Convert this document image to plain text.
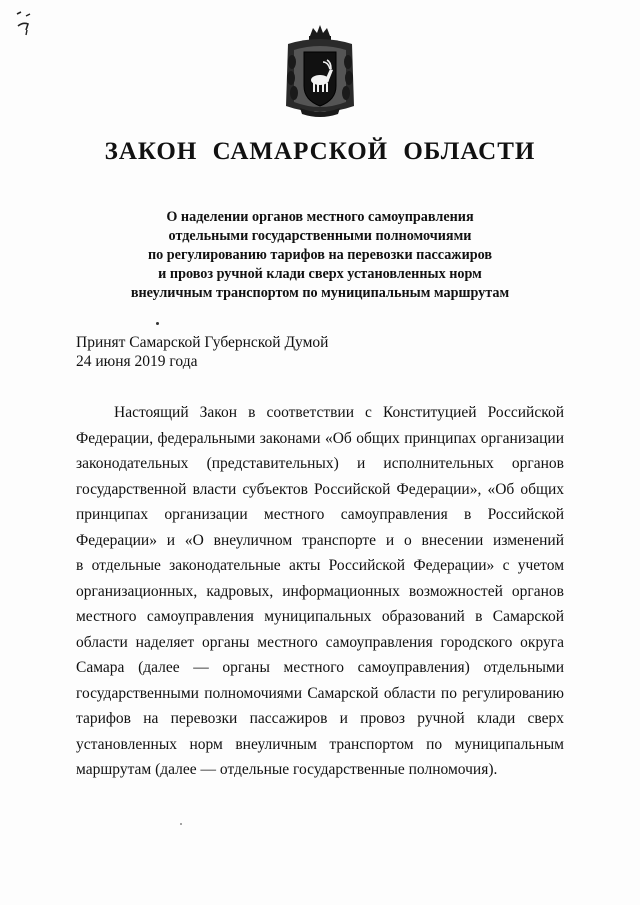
ЗАКОН САМАРСКОЙ ОБЛАСТИ
О наделении органов местного самоуправления
отдельными государственными полномочиями
по регулированию тарифов на перевозки пассажиров
и провоз ручной клади сверх установленных норм
внеуличным транспортом по муниципальным маршрутам
Принят Самарской Губернской Думой
24 июня 2019 года
Настоящий Закон в соответствии с Конституцией Российской
Федерации, федеральными законами «Об общих принципах организации
законодательных (представительных) и исполнительных органов
государственной власти субъектов Российской Федерации», «Об общих
принципах организации местного самоуправления в Российской
Федерации» и «О внеуличном транспорте и о внесении изменений
в отдельные законодательные акты Российской Федерации» с учетом
организационных, кадровых, информационных возможностей органов
местного самоуправления муниципальных образований в Самарской
области наделяет органы местного самоуправления городского округа
Самара (далее — органы местного самоуправления) отдельными
государственными полномочиями Самарской области по регулированию
тарифов на перевозки пассажиров и провоз ручной клади сверх
установленных норм внеуличным транспортом по муниципальным
маршрутам (далее — отдельные государственные полномочия).
